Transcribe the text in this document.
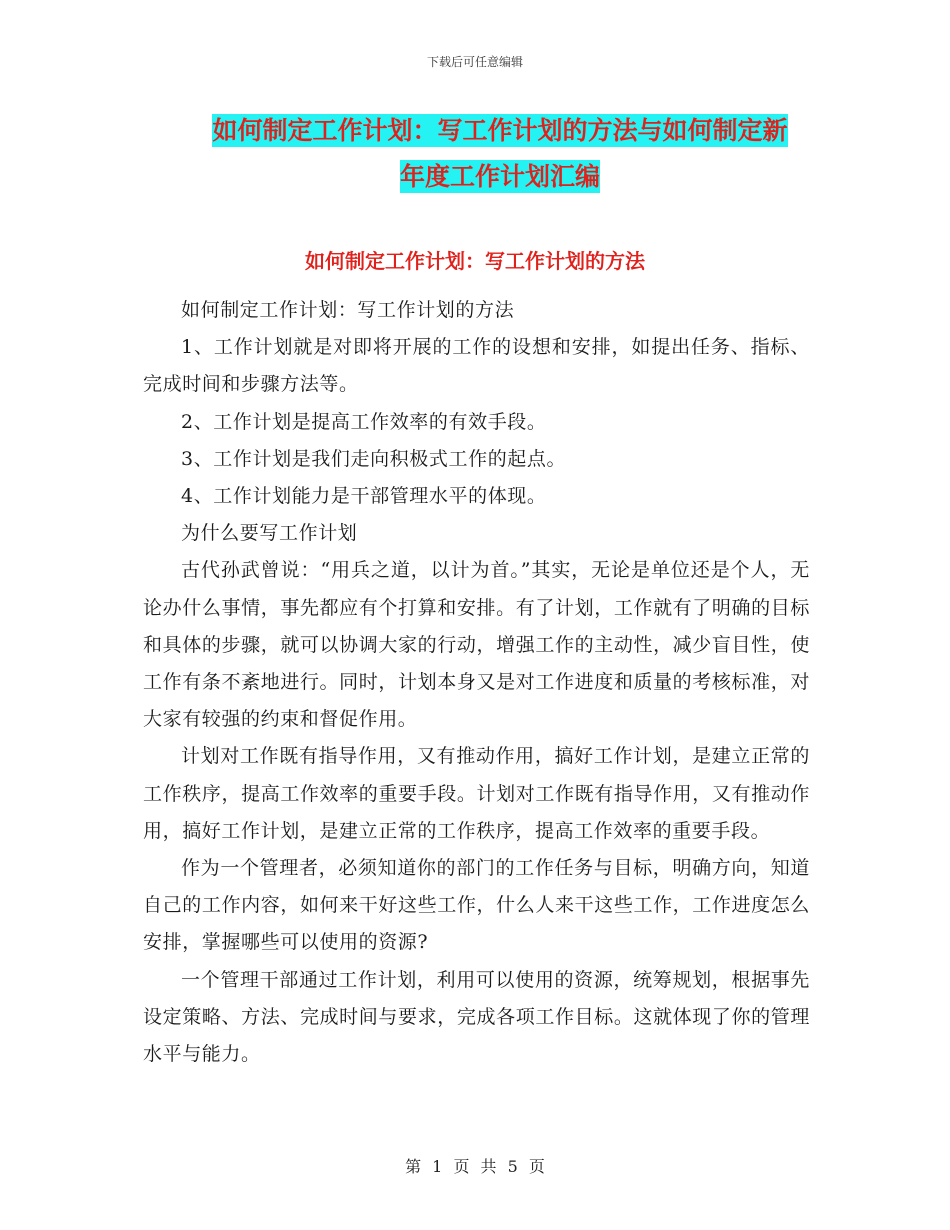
下载后可任意编辑
如何制定工作计划：写工作计划的方法与如何制定新
年度工作计划汇编
如何制定工作计划：写工作计划的方法

如何制定工作计划：写工作计划的方法

1、工作计划就是对即将开展的工作的设想和安排，如提出任务、指标、完成时间和步骤方法等。

2、工作计划是提高工作效率的有效手段。

3、工作计划是我们走向积极式工作的起点。

4、工作计划能力是干部管理水平的体现。

为什么要写工作计划

古代孙武曾说：“用兵之道，以计为首。”其实，无论是单位还是个人，无论办什么事情，事先都应有个打算和安排。有了计划，工作就有了明确的目标和具体的步骤，就可以协调大家的行动，增强工作的主动性，减少盲目性，使工作有条不紊地进行。同时，计划本身又是对工作进度和质量的考核标准，对大家有较强的约束和督促作用。

计划对工作既有指导作用，又有推动作用，搞好工作计划，是建立正常的工作秩序，提高工作效率的重要手段。计划对工作既有指导作用，又有推动作用，搞好工作计划，是建立正常的工作秩序，提高工作效率的重要手段。

作为一个管理者，必须知道你的部门的工作任务与目标，明确方向，知道自己的工作内容，如何来干好这些工作，什么人来干这些工作，工作进度怎么安排，掌握哪些可以使用的资源?

一个管理干部通过工作计划，利用可以使用的资源，统筹规划，根据事先设定策略、方法、完成时间与要求，完成各项工作目标。这就体现了你的管理水平与能力。

第 1 页 共 5 页
